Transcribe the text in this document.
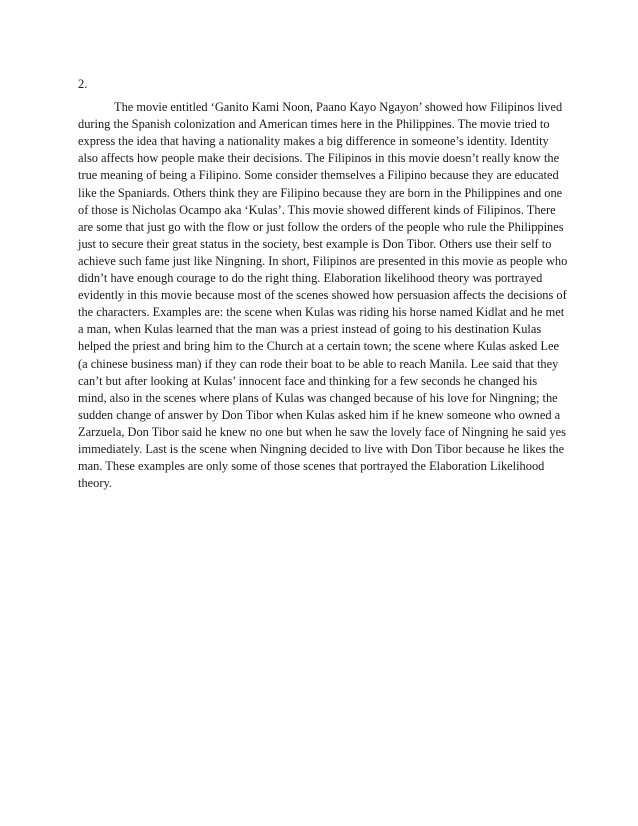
2.

The movie entitled ‘Ganito Kami Noon, Paano Kayo Ngayon’ showed how Filipinos lived during the Spanish colonization and American times here in the Philippines. The movie tried to express the idea that having a nationality makes a big difference in someone’s identity. Identity also affects how people make their decisions. The Filipinos in this movie doesn’t really know the true meaning of being a Filipino. Some consider themselves a Filipino because they are educated like the Spaniards. Others think they are Filipino because they are born in the Philippines and one of those is Nicholas Ocampo aka ‘Kulas’. This movie showed different kinds of Filipinos. There are some that just go with the flow or just follow the orders of the people who rule the Philippines just to secure their great status in the society, best example is Don Tibor. Others use their self to achieve such fame just like Ningning. In short, Filipinos are presented in this movie as people who didn’t have enough courage to do the right thing. Elaboration likelihood theory was portrayed evidently in this movie because most of the scenes showed how persuasion affects the decisions of the characters. Examples are: the scene when Kulas was riding his horse named Kidlat and he met a man, when Kulas learned that the man was a priest instead of going to his destination Kulas helped the priest and bring him to the Church at a certain town; the scene where Kulas asked Lee (a chinese business man) if they can rode their boat to be able to reach Manila. Lee said that they can’t but after looking at Kulas’ innocent face and thinking for a few seconds he changed his mind, also in the scenes where plans of Kulas was changed because of his love for Ningning; the sudden change of answer by Don Tibor when Kulas asked him if he knew someone who owned a Zarzuela, Don Tibor said he knew no one but when he saw the lovely face of Ningning he said yes immediately. Last is the scene when Ningning decided to live with Don Tibor because he likes the man. These examples are only some of those scenes that portrayed the Elaboration Likelihood theory.
